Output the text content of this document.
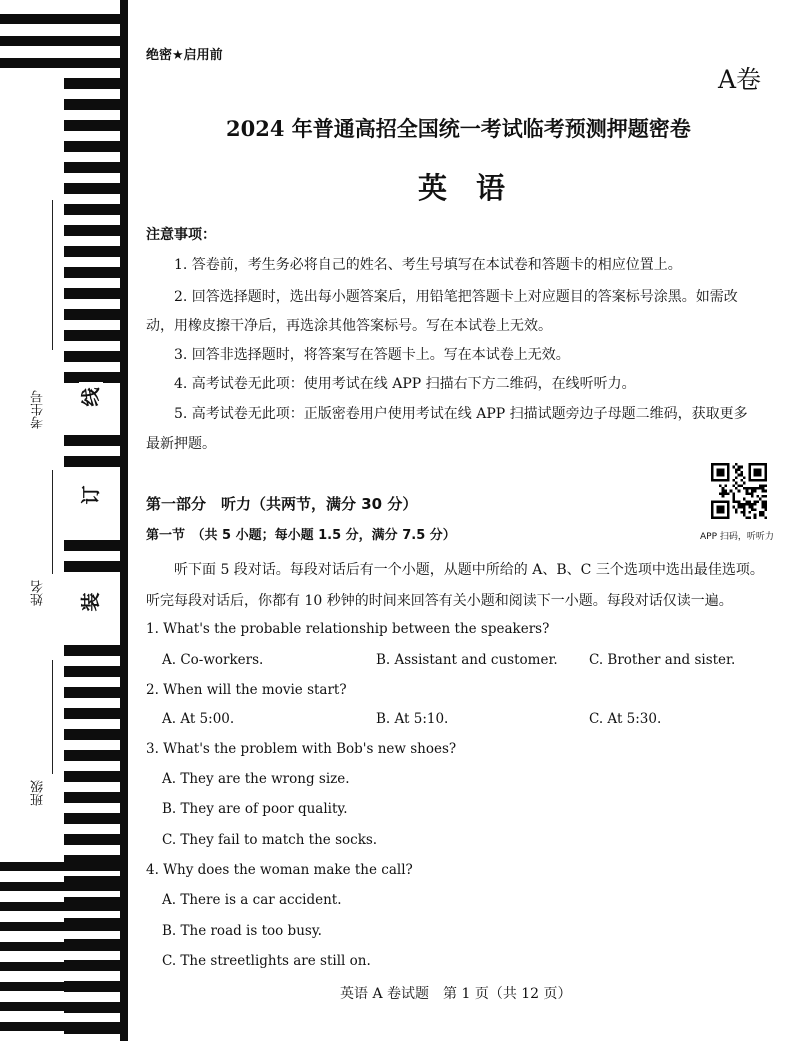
考生号
姓名
班级
线
订
装
绝密★启用前
A卷
2024 年普通高招全国统一考试临考预测押题密卷
英　语
注意事项：
1. 答卷前，考生务必将自己的姓名、考生号填写在本试卷和答题卡的相应位置上。
2. 回答选择题时，选出每小题答案后，用铅笔把答题卡上对应题目的答案标号涂黑。如需改
动，用橡皮擦干净后，再选涂其他答案标号。写在本试卷上无效。
3. 回答非选择题时，将答案写在答题卡上。写在本试卷上无效。
4. 高考试卷无此项：使用考试在线 APP 扫描右下方二维码，在线听听力。
5. 高考试卷无此项：正版密卷用户使用考试在线 APP 扫描试题旁边子母题二维码，获取更多
最新押题。
第一部分　听力（共两节，满分 30 分）
第一节　（共 5 小题；每小题 1.5 分，满分 7.5 分）	APP 扫码，听听力
听下面 5 段对话。每段对话后有一个小题，从题中所给的 A、B、C 三个选项中选出最佳选项。
听完每段对话后，你都有 10 秒钟的时间来回答有关小题和阅读下一小题。每段对话仅读一遍。
1. What's the probable relationship between the speakers?
A. Co-workers.	B. Assistant and customer. C. Brother and sister.
2. When will the movie start?
A. At 5:00.	B. At 5:10.	C. At 5:30.
3. What's the problem with Bob's new shoes?
A. They are the wrong size.
B. They are of poor quality.
C. They fail to match the socks.
4. Why does the woman make the call?
A. There is a car accident.
B. The road is too busy.
C. The streetlights are still on.
英语 A 卷试题　第 1 页（共 12 页）
